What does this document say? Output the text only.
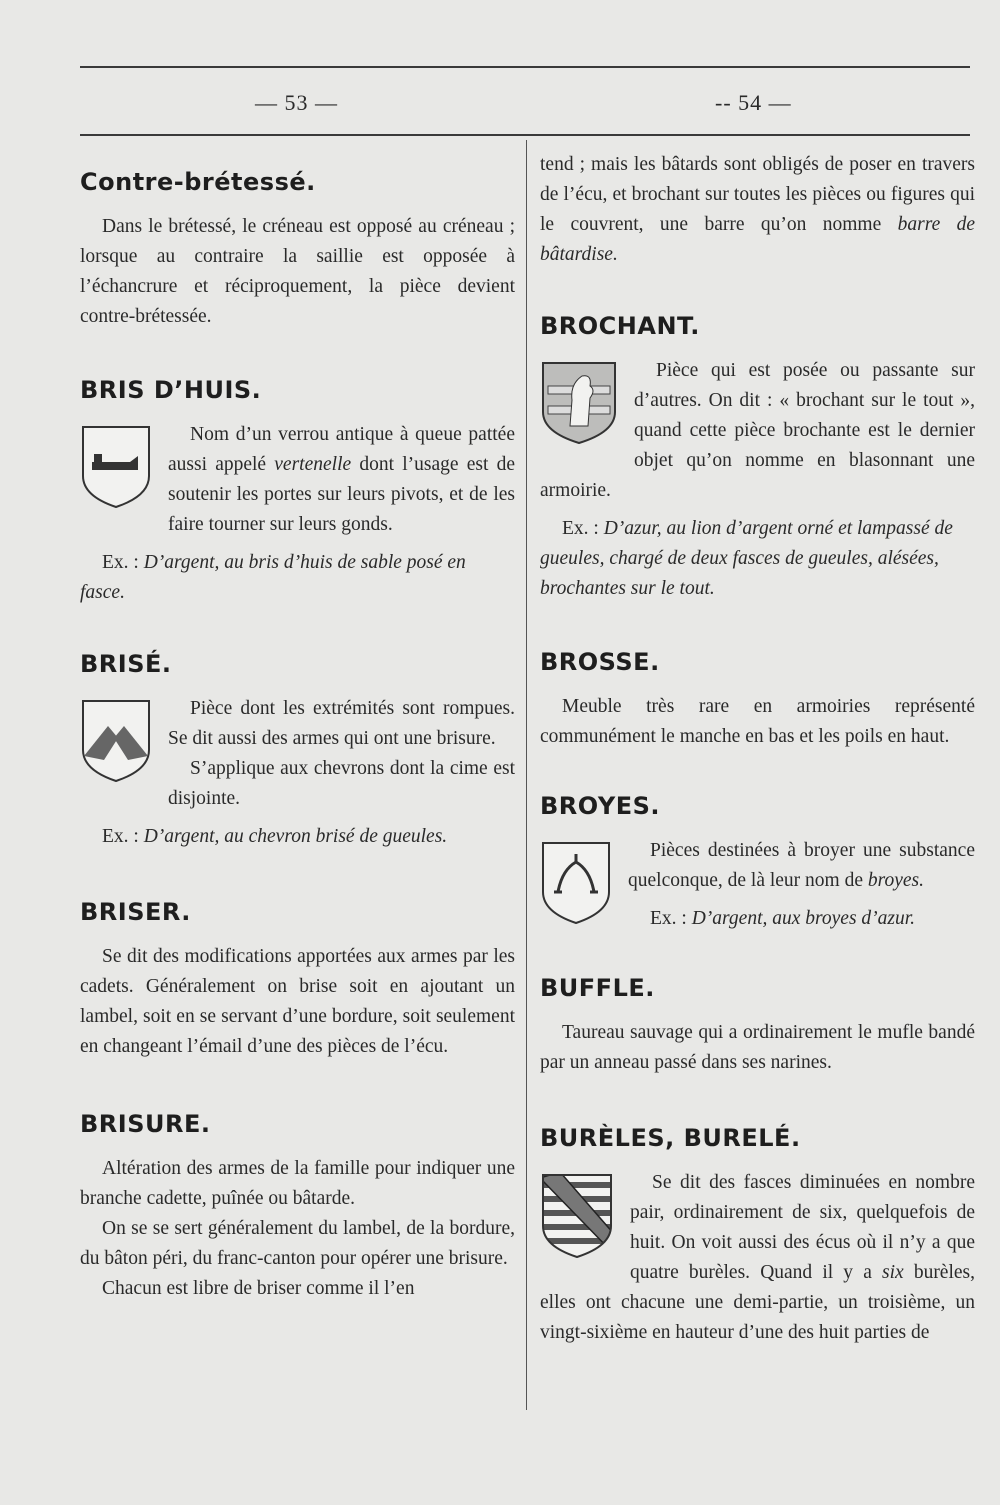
— 53 —	-- 54 —
Contre-brétessé.

Dans le brétessé, le créneau est opposé au créneau ; lorsque au contraire la saillie est opposée à l’échancrure et réciproquement, la pièce devient contre-brétessée.

BRIS D’HUIS.

Nom d’un verrou antique à queue pattée aussi appelé vertenelle dont l’usage est de soutenir les portes sur leurs pivots, et de les faire tourner sur leurs gonds.

Ex. : D’argent, au bris d’huis de sable posé en fasce.

BRISÉ.

Pièce dont les extrémités sont rompues. Se dit aussi des armes qui ont une brisure.

S’applique aux chevrons dont la cime est disjointe.

Ex. : D’argent, au chevron brisé de gueules.

BRISER.

Se dit des modifications apportées aux armes par les cadets. Généralement on brise soit en ajoutant un lambel, soit en se servant d’une bordure, soit seulement en changeant l’émail d’une des pièces de l’écu.

BRISURE.

Altération des armes de la famille pour indiquer une branche cadette, puînée ou bâtarde.

On se se sert généralement du lambel, de la bordure, du bâton péri, du franc-canton pour opérer une brisure.

Chacun est libre de briser comme il l’en

tend ; mais les bâtards sont obligés de poser en travers de l’écu, et brochant sur toutes les pièces ou figures qui le couvrent, une barre qu’on nomme barre de bâtardise.

BROCHANT.

Pièce qui est posée ou passante sur d’autres. On dit : « brochant sur le tout », quand cette pièce brochante est le dernier objet qu’on nomme en blasonnant une armoirie.

Ex. : D’azur, au lion d’argent orné et lampassé de gueules, chargé de deux fasces de gueules, alésées, brochantes sur le tout.

BROSSE.

Meuble très rare en armoiries représenté communément le manche en bas et les poils en haut.

BROYES.

Pièces destinées à broyer une substance quelconque, de là leur nom de broyes.

Ex. : D’argent, aux broyes d’azur.

BUFFLE.

Taureau sauvage qui a ordinairement le mufle bandé par un anneau passé dans ses narines.

BURÈLES, BURELÉ.

Se dit des fasces diminuées en nombre pair, ordinairement de six, quelquefois de huit. On voit aussi des écus où il n’y a que quatre burèles. Quand il y a six burèles, elles ont chacune une demi-partie, un troisième, un vingt-sixième en hauteur d’une des huit parties de
